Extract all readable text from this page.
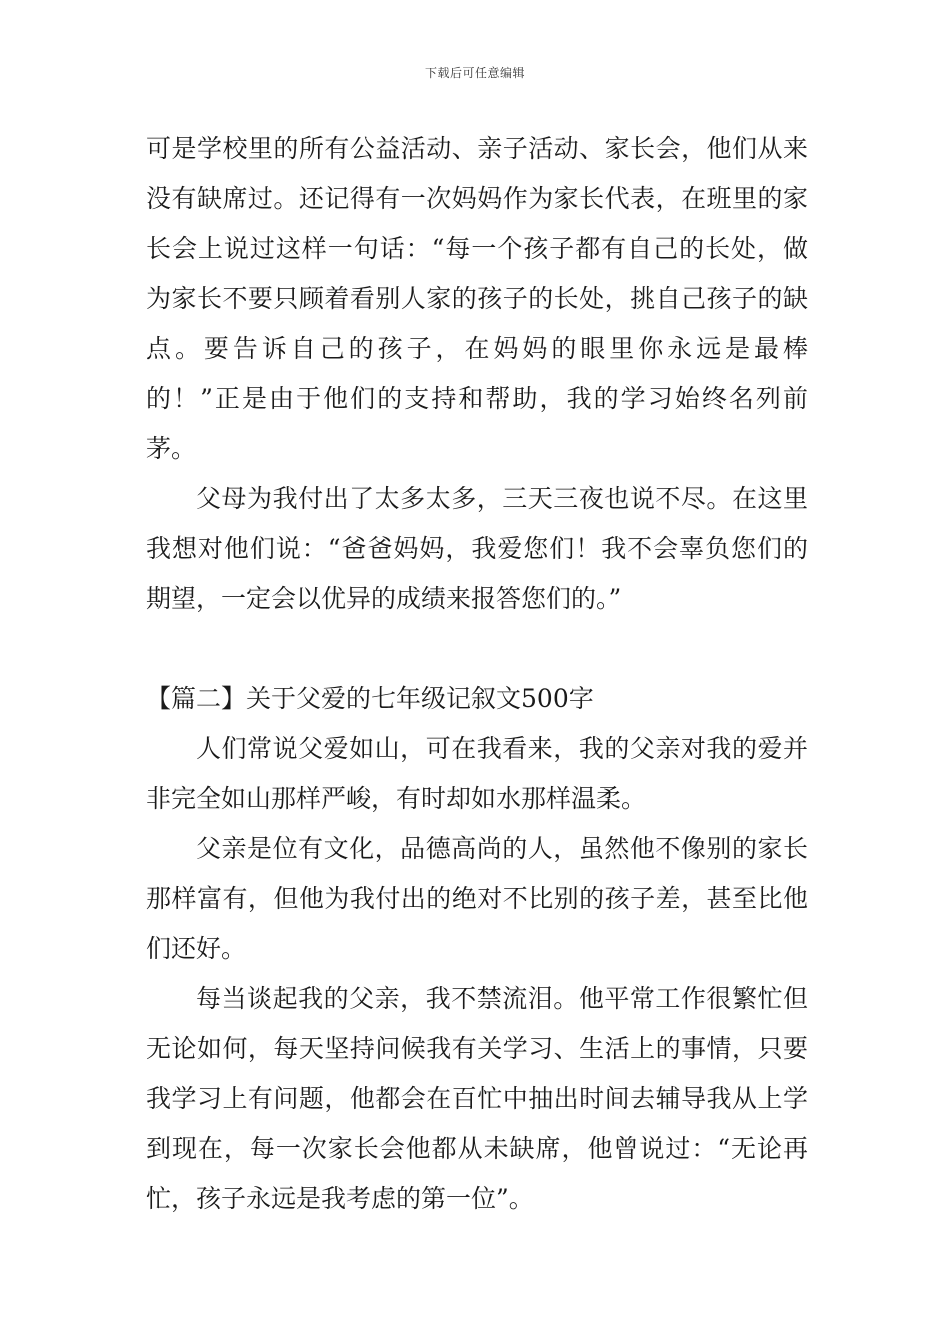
下载后可任意编辑

可是学校里的所有公益活动、亲子活动、家长会，他们从来没有缺席过。还记得有一次妈妈作为家长代表，在班里的家长会上说过这样一句话：“每一个孩子都有自己的长处，做为家长不要只顾着看别人家的孩子的长处，挑自己孩子的缺点。要告诉自己的孩子，在妈妈的眼里你永远是最棒的！”正是由于他们的支持和帮助，我的学习始终名列前茅。

父母为我付出了太多太多，三天三夜也说不尽。在这里我想对他们说：“爸爸妈妈，我爱您们！我不会辜负您们的期望，一定会以优异的成绩来报答您们的。”

【篇二】关于父爱的七年级记叙文500字

人们常说父爱如山，可在我看来，我的父亲对我的爱并非完全如山那样严峻，有时却如水那样温柔。

父亲是位有文化，品德高尚的人，虽然他不像别的家长那样富有，但他为我付出的绝对不比别的孩子差，甚至比他们还好。

每当谈起我的父亲，我不禁流泪。他平常工作很繁忙但无论如何，每天坚持问候我有关学习、生活上的事情，只要我学习上有问题，他都会在百忙中抽出时间去辅导我从上学到现在，每一次家长会他都从未缺席，他曾说过：“无论再忙，孩子永远是我考虑的第一位”。
